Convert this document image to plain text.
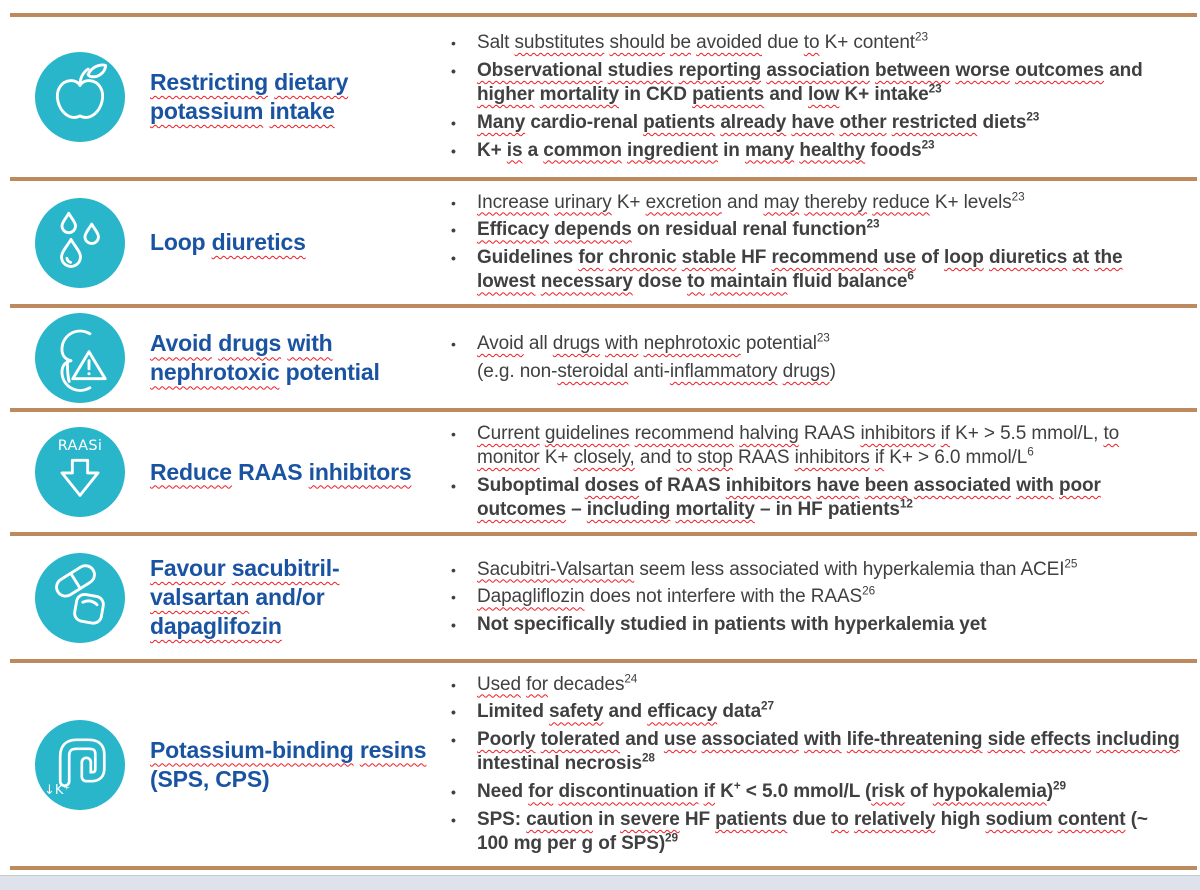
Restricting dietary potassium intake
•	Salt substitutes should be avoided due to K+ content$^{23}$
•	Observational studies reporting association between worse outcomes and higher mortality in CKD patients and low K+ intake$^{23}$
•	Many cardio-renal patients already have other restricted diets$^{23}$
•	K+ is a common ingredient in many healthy foods$^{23}$
Loop diuretics
•	Increase urinary K+ excretion and may thereby reduce K+ levels$^{23}$
•	Efficacy depends on residual renal function$^{23}$
•	Guidelines for chronic stable HF recommend use of loop diuretics at the lowest necessary dose to maintain fluid balance$^6$
Avoid drugs with nephrotoxic potential
•	Avoid all drugs with nephrotoxic potential$^{23}$
(e.g. non-steroidal anti-inflammatory drugs)
RAASi
Reduce RAAS inhibitors
•	Current guidelines recommend halving RAAS inhibitors if K+ > 5.5 mmol/L, to monitor K+ closely, and to stop RAAS inhibitors if K+ > 6.0 mmol/$L^6$
•	Suboptimal doses of RAAS inhibitors have been associated with poor outcomes – including mortality – in HF patients$^{12}$
Favour sacubitril-valsartan and/or dapaglifozin
•	Sacubitri-Valsartan seem less associated with hyperkalemia than ACEI$^{25}$
•	Dapagliflozin does not interfere with the RAAS$^{26}$
•	Not specifically studied in patients with hyperkalemia yet
↓K⁺
Potassium-binding resins (SPS, CPS)
•	Used for decades$^{24}$
•	Limited safety and efficacy data$^{27}$
•	Poorly tolerated and use associated with life-threatening side effects including intestinal necrosis$^{28}$
•	Need for discontinuation if K+ < 5.0 mmol/L (risk of hypokalemia)$^{29}$
•	SPS: caution in severe HF patients due to relatively high sodium content (~ 100 mg per g of SPS)$^{29}$
